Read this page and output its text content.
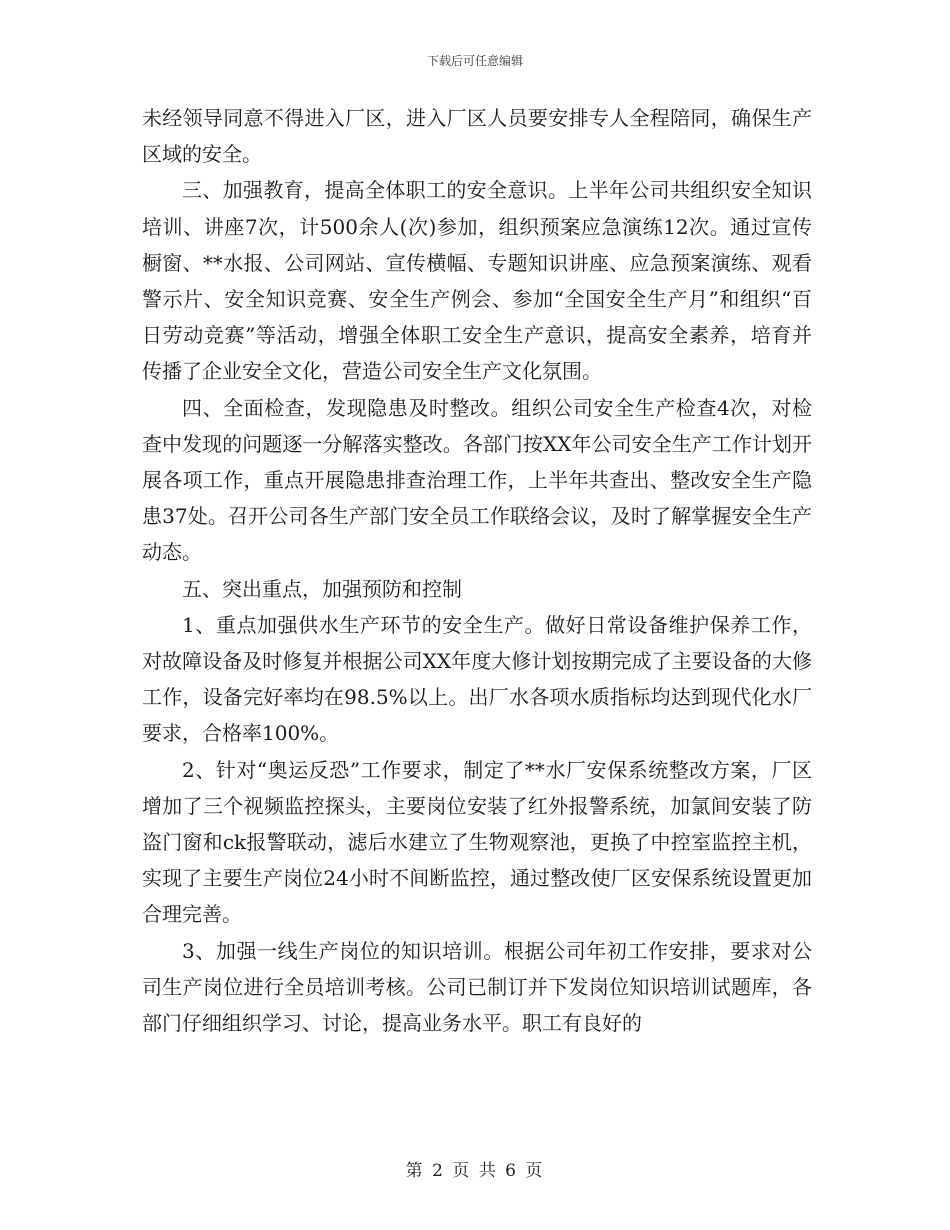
下载后可任意编辑

未经领导同意不得进入厂区，进入厂区人员要安排专人全程陪同，确保生产区域的安全。

三、加强教育，提高全体职工的安全意识。上半年公司共组织安全知识培训、讲座7次，计500余人(次)参加，组织预案应急演练12次。通过宣传橱窗、**水报、公司网站、宣传横幅、专题知识讲座、应急预案演练、观看警示片、安全知识竞赛、安全生产例会、参加“全国安全生产月”和组织“百日劳动竞赛”等活动，增强全体职工安全生产意识，提高安全素养，培育并传播了企业安全文化，营造公司安全生产文化氛围。

四、全面检查，发现隐患及时整改。组织公司安全生产检查4次，对检查中发现的问题逐一分解落实整改。各部门按XX年公司安全生产工作计划开展各项工作，重点开展隐患排查治理工作，上半年共查出、整改安全生产隐患37处。召开公司各生产部门安全员工作联络会议，及时了解掌握安全生产动态。

五、突出重点，加强预防和控制

1、重点加强供水生产环节的安全生产。做好日常设备维护保养工作，对故障设备及时修复并根据公司XX年度大修计划按期完成了主要设备的大修工作，设备完好率均在98.5%以上。出厂水各项水质指标均达到现代化水厂要求，合格率100%。

2、针对“奥运反恐”工作要求，制定了**水厂安保系统整改方案，厂区增加了三个视频监控探头，主要岗位安装了红外报警系统，加氯间安装了防盗门窗和ck报警联动，滤后水建立了生物观察池，更换了中控室监控主机，实现了主要生产岗位24小时不间断监控，通过整改使厂区安保系统设置更加合理完善。

3、加强一线生产岗位的知识培训。根据公司年初工作安排，要求对公司生产岗位进行全员培训考核。公司已制订并下发岗位知识培训试题库，各部门仔细组织学习、讨论，提高业务水平。职工有良好的

第 2 页 共 6 页
